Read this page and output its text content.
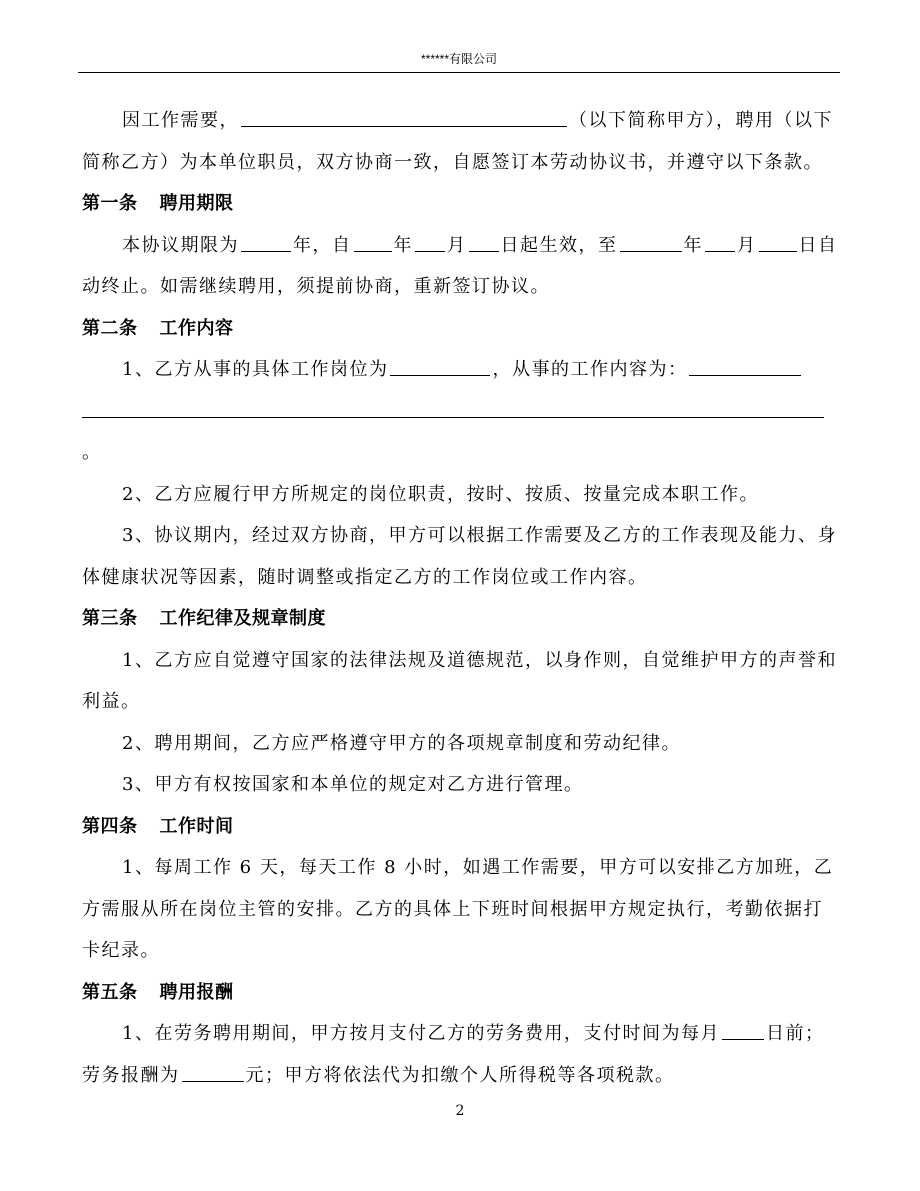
******有限公司

因工作需要，	（以下简称甲方），聘用（以下简称乙方）为本单位职员，双方协商一致，自愿签订本劳动协议书，并遵守以下条款。

第一条 聘用期限

本协议期限为	年，自 年 月 日起生效，至	年 月 日自动终止。如需继续聘用，须提前协商，重新签订协议。

第二条 工作内容

1、乙方从事的具体工作岗位为	，从事的工作内容为：
。

2、乙方应履行甲方所规定的岗位职责，按时、按质、按量完成本职工作。

3、协议期内，经过双方协商，甲方可以根据工作需要及乙方的工作表现及能力、身体健康状况等因素，随时调整或指定乙方的工作岗位或工作内容。

第三条 工作纪律及规章制度

1、乙方应自觉遵守国家的法律法规及道德规范，以身作则，自觉维护甲方的声誉和利益。

2、聘用期间，乙方应严格遵守甲方的各项规章制度和劳动纪律。

3、甲方有权按国家和本单位的规定对乙方进行管理。

第四条 工作时间

1、每周工作 6 天，每天工作 8 小时，如遇工作需要，甲方可以安排乙方加班，乙方需服从所在岗位主管的安排。乙方的具体上下班时间根据甲方规定执行，考勤依据打卡纪录。

第五条 聘用报酬

1、在劳务聘用期间，甲方按月支付乙方的劳务费用，支付时间为每月	日前；劳务报酬为	元；甲方将依法代为扣缴个人所得税等各项税款。

2
